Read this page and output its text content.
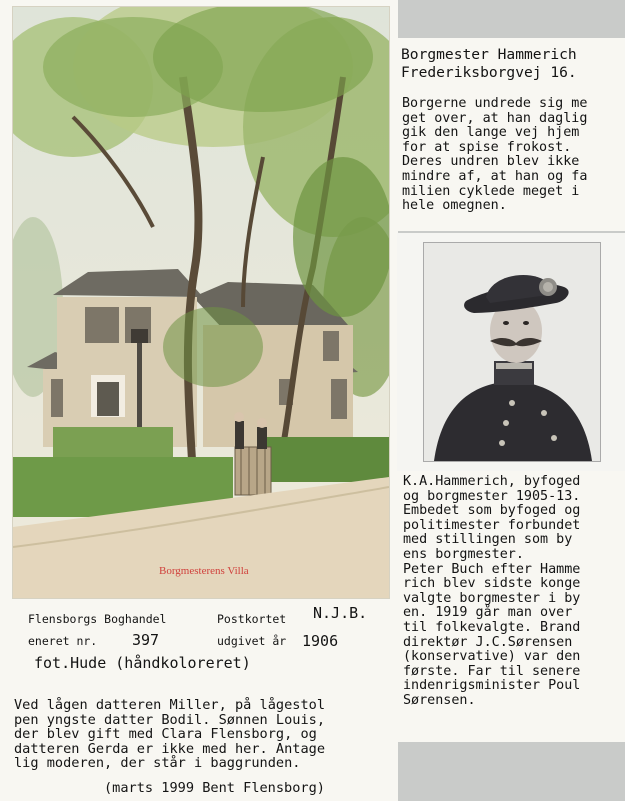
Borgmesterens Villa
Flensborgs Boghandel
eneret nr. 397
Postkortet
udgivet år
N.J.B.
1906
fot.Hude (håndkoloreret)
Ved lågen datteren Miller, på lågestol
pen yngste datter Bodil. Sønnen Louis,
der blev gift med Clara Flensborg, og
datteren Gerda er ikke med her. Antage
lig moderen, der står i baggrunden.
(marts 1999 Bent Flensborg)
Borgmester Hammerich
Frederiksborgvej 16.
Borgerne undrede sig me
get over, at han daglig
gik den lange vej hjem
for at spise frokost.
Deres undren blev ikke
mindre af, at han og fa
milien cyklede meget i
hele omegnen.
K.A.Hammerich, byfoged
og borgmester 1905-13.
Embedet som byfoged og
politimester forbundet
med stillingen som by
ens borgmester.
Peter Buch efter Hamme
rich blev sidste konge
valgte borgmester i by
en. 1919 går man over
til folkevalgte. Brand
direktør J.C.Sørensen
(konservative) var den
første. Far til senere
indenrigsminister Poul
Sørensen.
